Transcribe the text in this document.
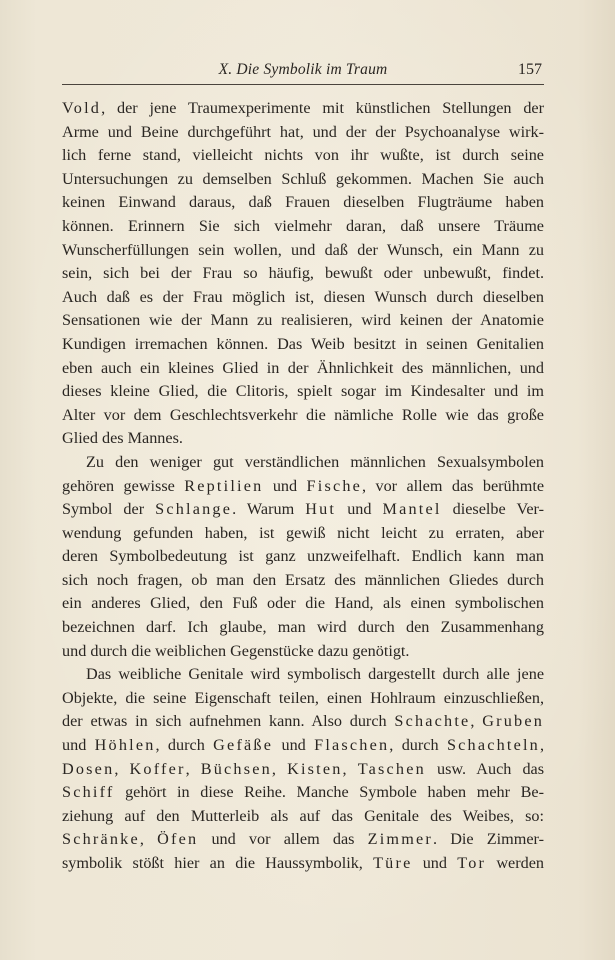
X. Die Symbolik im Traum	157
Vold, der jene Traumexperimente mit künstlichen Stellungen der
Arme und Beine durchgeführt hat, und der der Psychoanalyse wirk-
lich ferne stand, vielleicht nichts von ihr wußte, ist durch seine
Untersuchungen zu demselben Schluß gekommen. Machen Sie auch
keinen Einwand daraus, daß Frauen dieselben Flugträume haben
können. Erinnern Sie sich vielmehr daran, daß unsere Träume
Wunscherfüllungen sein wollen, und daß der Wunsch, ein Mann zu
sein, sich bei der Frau so häufig, bewußt oder unbewußt, findet.
Auch daß es der Frau möglich ist, diesen Wunsch durch dieselben
Sensationen wie der Mann zu realisieren, wird keinen der Anatomie
Kundigen irremachen können. Das Weib besitzt in seinen Genitalien
eben auch ein kleines Glied in der Ähnlichkeit des männlichen, und
dieses kleine Glied, die Clitoris, spielt sogar im Kindesalter und im
Alter vor dem Geschlechtsverkehr die nämliche Rolle wie das große
Glied des Mannes.
Zu den weniger gut verständlichen männlichen Sexualsymbolen
gehören gewisse Reptilien und Fische, vor allem das berühmte
Symbol der Schlange. Warum Hut und Mantel dieselbe Ver-
wendung gefunden haben, ist gewiß nicht leicht zu erraten, aber
deren Symbolbedeutung ist ganz unzweifelhaft. Endlich kann man
sich noch fragen, ob man den Ersatz des männlichen Gliedes durch
ein anderes Glied, den Fuß oder die Hand, als einen symbolischen
bezeichnen darf. Ich glaube, man wird durch den Zusammenhang
und durch die weiblichen Gegenstücke dazu genötigt.
Das weibliche Genitale wird symbolisch dargestellt durch alle jene
Objekte, die seine Eigenschaft teilen, einen Hohlraum einzuschließen,
der etwas in sich aufnehmen kann. Also durch Schachte, Gruben
und Höhlen, durch Gefäße und Flaschen, durch Schachteln,
Dosen, Koffer, Büchsen, Kisten, Taschen usw. Auch das
Schiff gehört in diese Reihe. Manche Symbole haben mehr Be-
ziehung auf den Mutterleib als auf das Genitale des Weibes, so:
Schränke, Öfen und vor allem das Zimmer. Die Zimmer-
symbolik stößt hier an die Haussymbolik, Türe und Tor werden
